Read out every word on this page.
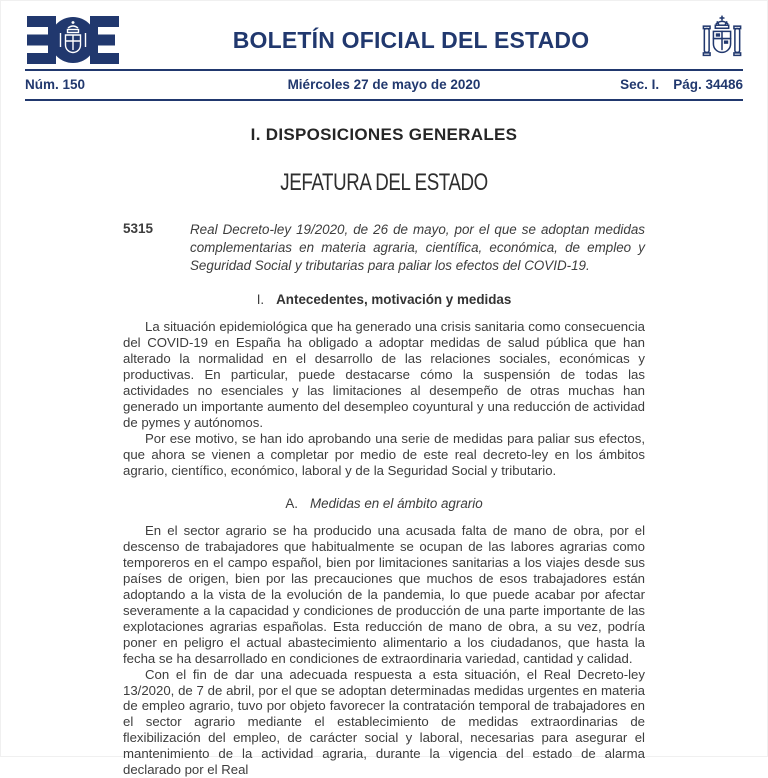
BOLETÍN OFICIAL DEL ESTADO
Núm. 150	Miércoles 27 de mayo de 2020	Sec. I. Pág. 34486
I. DISPOSICIONES GENERALES
JEFATURA DEL ESTADO
5315	Real Decreto-ley 19/2020, de 26 de mayo, por el que se adoptan medidas complementarias en materia agraria, científica, económica, de empleo y Seguridad Social y tributarias para paliar los efectos del COVID-19.

I. Antecedentes, motivación y medidas

La situación epidemiológica que ha generado una crisis sanitaria como consecuencia del COVID-19 en España ha obligado a adoptar medidas de salud pública que han alterado la normalidad en el desarrollo de las relaciones sociales, económicas y productivas. En particular, puede destacarse cómo la suspensión de todas las actividades no esenciales y las limitaciones al desempeño de otras muchas han generado un importante aumento del desempleo coyuntural y una reducción de actividad de pymes y autónomos.

Por ese motivo, se han ido aprobando una serie de medidas para paliar sus efectos, que ahora se vienen a completar por medio de este real decreto-ley en los ámbitos agrario, científico, económico, laboral y de la Seguridad Social y tributario.

A. Medidas en el ámbito agrario

En el sector agrario se ha producido una acusada falta de mano de obra, por el descenso de trabajadores que habitualmente se ocupan de las labores agrarias como temporeros en el campo español, bien por limitaciones sanitarias a los viajes desde sus países de origen, bien por las precauciones que muchos de esos trabajadores están adoptando a la vista de la evolución de la pandemia, lo que puede acabar por afectar severamente a la capacidad y condiciones de producción de una parte importante de las explotaciones agrarias españolas. Esta reducción de mano de obra, a su vez, podría poner en peligro el actual abastecimiento alimentario a los ciudadanos, que hasta la fecha se ha desarrollado en condiciones de extraordinaria variedad, cantidad y calidad.

Con el fin de dar una adecuada respuesta a esta situación, el Real Decreto-ley 13/2020, de 7 de abril, por el que se adoptan determinadas medidas urgentes en materia de empleo agrario, tuvo por objeto favorecer la contratación temporal de trabajadores en el sector agrario mediante el establecimiento de medidas extraordinarias de flexibilización del empleo, de carácter social y laboral, necesarias para asegurar el mantenimiento de la actividad agraria, durante la vigencia del estado de alarma declarado por el Real
